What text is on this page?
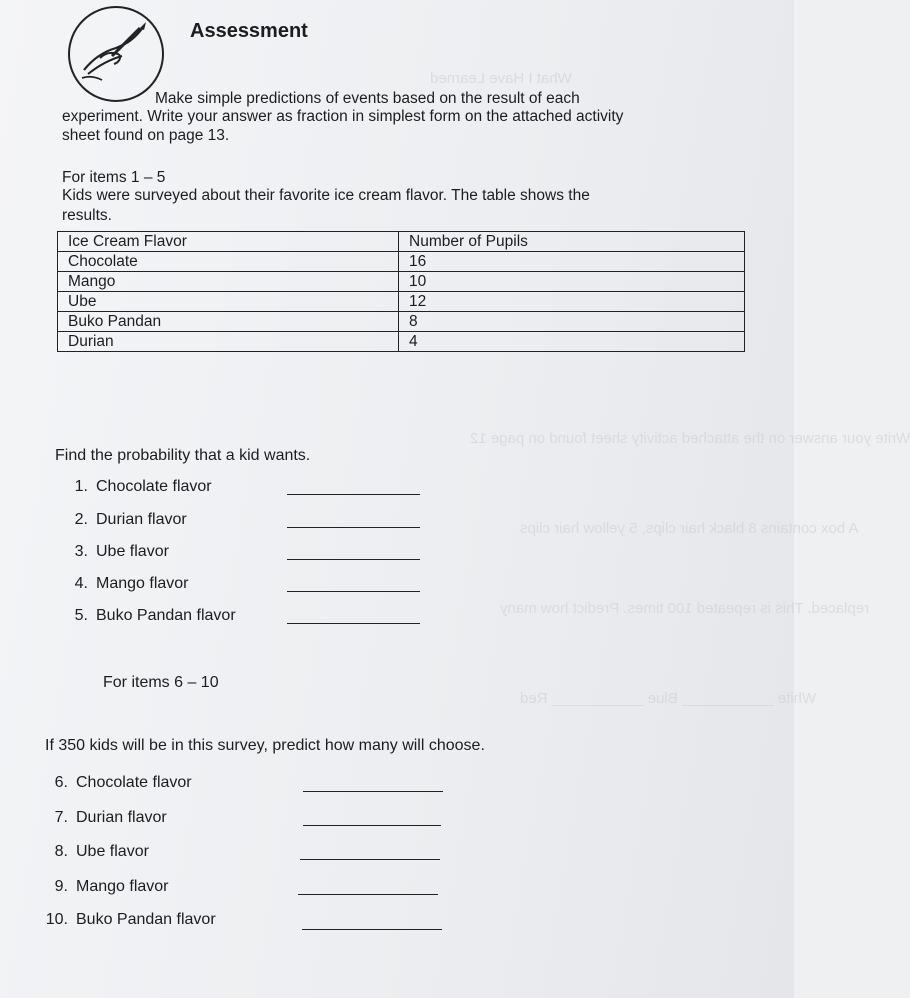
What I Have Learned
Write your answer on the attached activity sheet found on page 12
A box contains 8 black hair clips, 5 yellow hair clips
replaced. This is repeated 100 times. Predict how many
White ___________ Blue ___________ Red
Assessment
Make simple predictions of events based on the result of each
experiment. Write your answer as fraction in simplest form on the attached activity
sheet found on page 13.
For items 1 – 5
Kids were surveyed about their favorite ice cream flavor. The table shows the
results.
Ice Cream Flavor	Number of Pupils
Chocolate	16
Mango	10
Ube	12
Buko Pandan	8
Durian	4
Find the probability that a kid wants.
1. Chocolate flavor
2. Durian flavor
3. Ube flavor
4. Mango flavor
5. Buko Pandan flavor
For items 6 – 10
If 350 kids will be in this survey, predict how many will choose.
6. Chocolate flavor
7. Durian flavor
8. Ube flavor
9. Mango flavor
10. Buko Pandan flavor
